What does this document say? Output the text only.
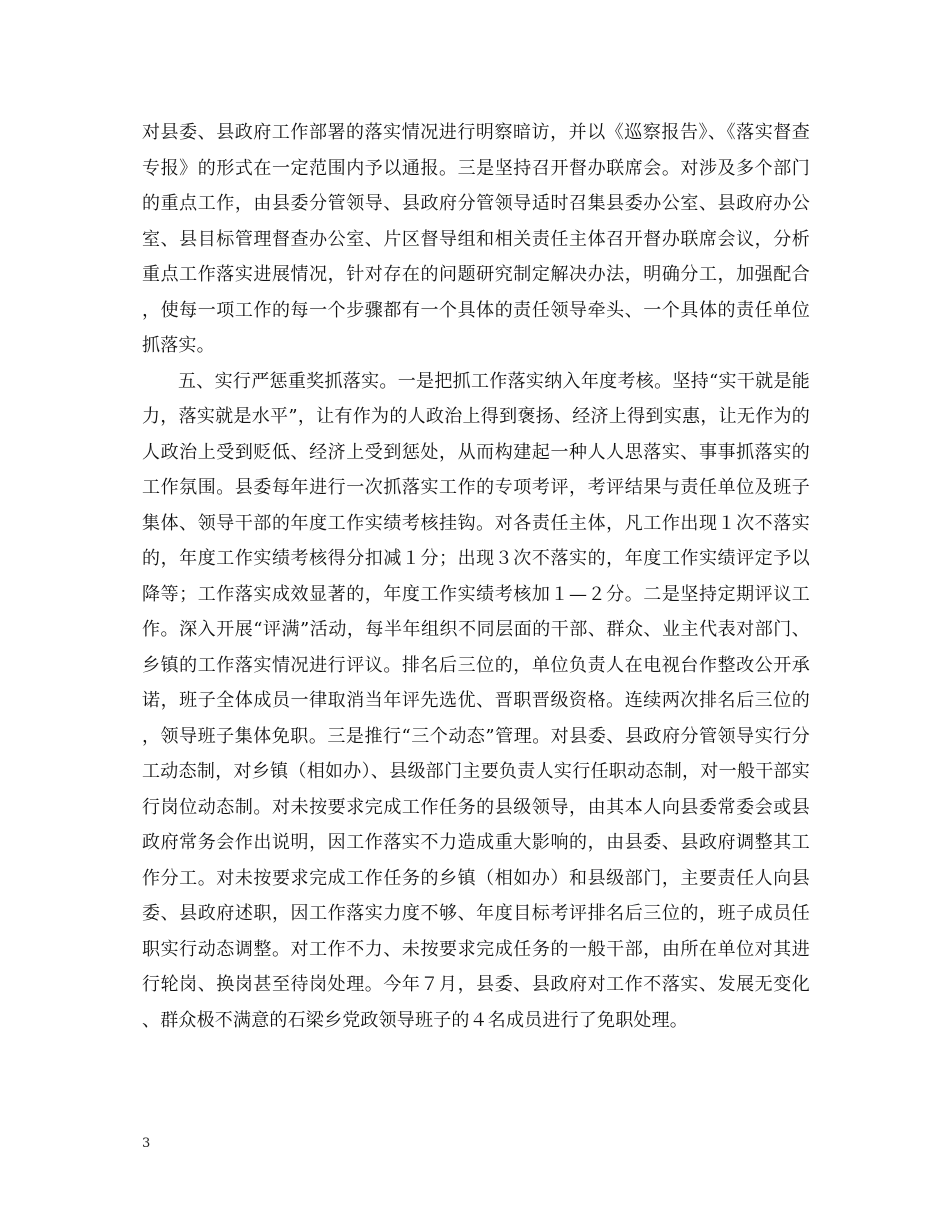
对县委、县政府工作部署的落实情况进行明察暗访，并以《巡察报告》、《落实督查专报》的形式在一定范围内予以通报。三是坚持召开督办联席会。对涉及多个部门的重点工作，由县委分管领导、县政府分管领导适时召集县委办公室、县政府办公室、县目标管理督查办公室、片区督导组和相关责任主体召开督办联席会议，分析重点工作落实进展情况，针对存在的问题研究制定解决办法，明确分工，加强配合，使每一项工作的每一个步骤都有一个具体的责任领导牵头、一个具体的责任单位抓落实。

五、实行严惩重奖抓落实。一是把抓工作落实纳入年度考核。坚持“实干就是能力，落实就是水平”，让有作为的人政治上得到褒扬、经济上得到实惠，让无作为的人政治上受到贬低、经济上受到惩处，从而构建起一种人人思落实、事事抓落实的工作氛围。县委每年进行一次抓落实工作的专项考评，考评结果与责任单位及班子集体、领导干部的年度工作实绩考核挂钩。对各责任主体，凡工作出现１次不落实的，年度工作实绩考核得分扣减１分；出现３次不落实的，年度工作实绩评定予以降等；工作落实成效显著的，年度工作实绩考核加１—２分。二是坚持定期评议工作。深入开展“评满”活动，每半年组织不同层面的干部、群众、业主代表对部门、乡镇的工作落实情况进行评议。排名后三位的，单位负责人在电视台作整改公开承诺，班子全体成员一律取消当年评先选优、晋职晋级资格。连续两次排名后三位的，领导班子集体免职。三是推行“三个动态”管理。对县委、县政府分管领导实行分工动态制，对乡镇（相如办）、县级部门主要负责人实行任职动态制，对一般干部实行岗位动态制。对未按要求完成工作任务的县级领导，由其本人向县委常委会或县政府常务会作出说明，因工作落实不力造成重大影响的，由县委、县政府调整其工作分工。对未按要求完成工作任务的乡镇（相如办）和县级部门，主要责任人向县委、县政府述职，因工作落实力度不够、年度目标考评排名后三位的，班子成员任职实行动态调整。对工作不力、未按要求完成任务的一般干部，由所在单位对其进行轮岗、换岗甚至待岗处理。今年７月，县委、县政府对工作不落实、发展无变化、群众极不满意的石梁乡党政领导班子的４名成员进行了免职处理。

3
